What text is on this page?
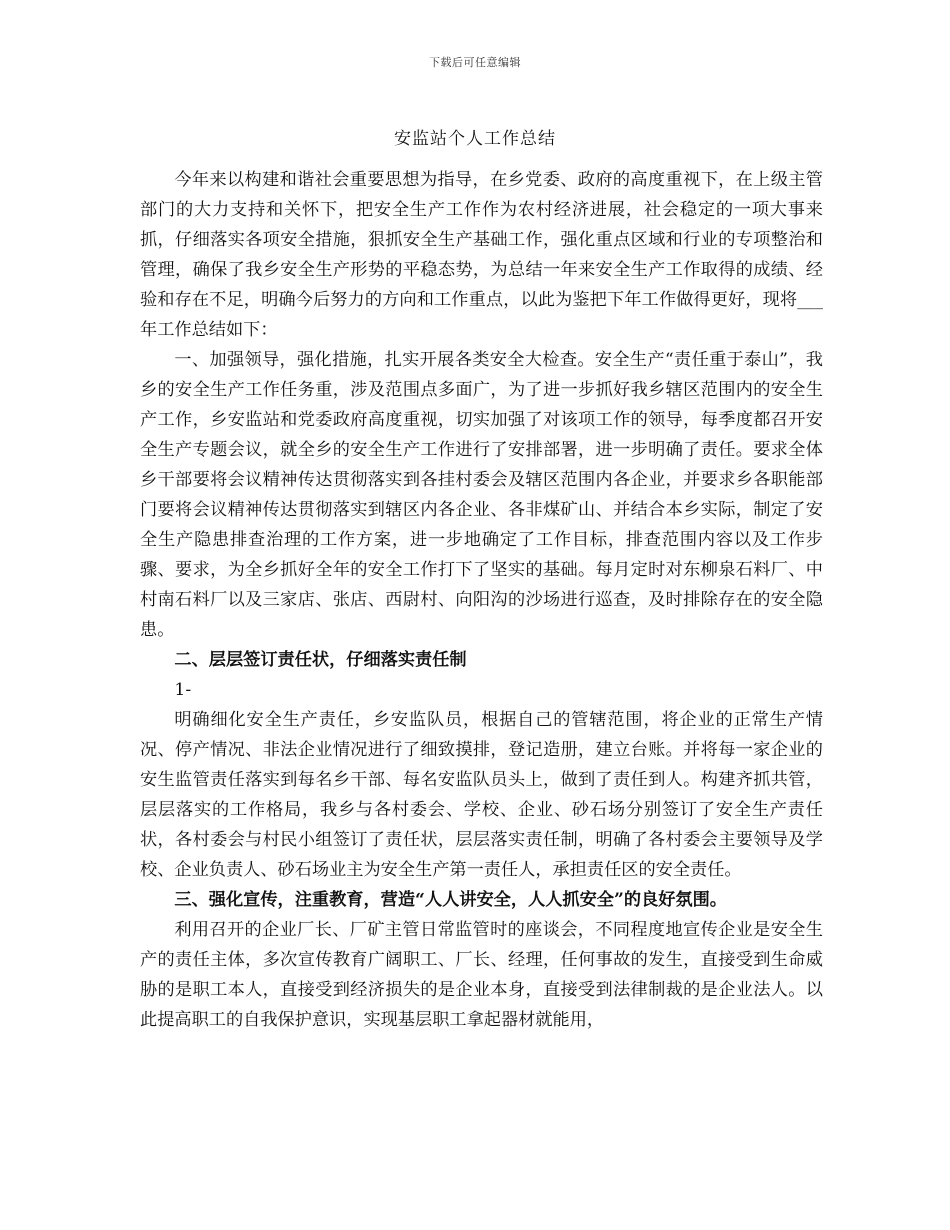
下载后可任意编辑
安监站个人工作总结

今年来以构建和谐社会重要思想为指导，在乡党委、政府的高度重视下，在上级主管部门的大力支持和关怀下，把安全生产工作作为农村经济进展，社会稳定的一项大事来抓，仔细落实各项安全措施，狠抓安全生产基础工作，强化重点区域和行业的专项整治和管理，确保了我乡安全生产形势的平稳态势，为总结一年来安全生产工作取得的成绩、经验和存在不足，明确今后努力的方向和工作重点，以此为鉴把下年工作做得更好，现将___年工作总结如下：

一、加强领导，强化措施，扎实开展各类安全大检查。安全生产“责任重于泰山”，我乡的安全生产工作任务重，涉及范围点多面广，为了进一步抓好我乡辖区范围内的安全生产工作，乡安监站和党委政府高度重视，切实加强了对该项工作的领导，每季度都召开安全生产专题会议，就全乡的安全生产工作进行了安排部署，进一步明确了责任。要求全体乡干部要将会议精神传达贯彻落实到各挂村委会及辖区范围内各企业，并要求乡各职能部门要将会议精神传达贯彻落实到辖区内各企业、各非煤矿山、并结合本乡实际，制定了安全生产隐患排查治理的工作方案，进一步地确定了工作目标，排查范围内容以及工作步骤、要求，为全乡抓好全年的安全工作打下了坚实的基础。每月定时对东柳泉石料厂、中村南石料厂以及三家店、张店、西尉村、向阳沟的沙场进行巡查，及时排除存在的安全隐患。

二、层层签订责任状，仔细落实责任制

1-

明确细化安全生产责任，乡安监队员，根据自己的管辖范围，将企业的正常生产情况、停产情况、非法企业情况进行了细致摸排，登记造册，建立台账。并将每一家企业的安生监管责任落实到每名乡干部、每名安监队员头上，做到了责任到人。构建齐抓共管，层层落实的工作格局，我乡与各村委会、学校、企业、砂石场分别签订了安全生产责任状，各村委会与村民小组签订了责任状，层层落实责任制，明确了各村委会主要领导及学校、企业负责人、砂石场业主为安全生产第一责任人，承担责任区的安全责任。

三、强化宣传，注重教育，营造“人人讲安全，人人抓安全”的良好氛围。

利用召开的企业厂长、厂矿主管日常监管时的座谈会，不同程度地宣传企业是安全生产的责任主体，多次宣传教育广阔职工、厂长、经理，任何事故的发生，直接受到生命威胁的是职工本人，直接受到经济损失的是企业本身，直接受到法律制裁的是企业法人。以此提高职工的自我保护意识，实现基层职工拿起器材就能用，
